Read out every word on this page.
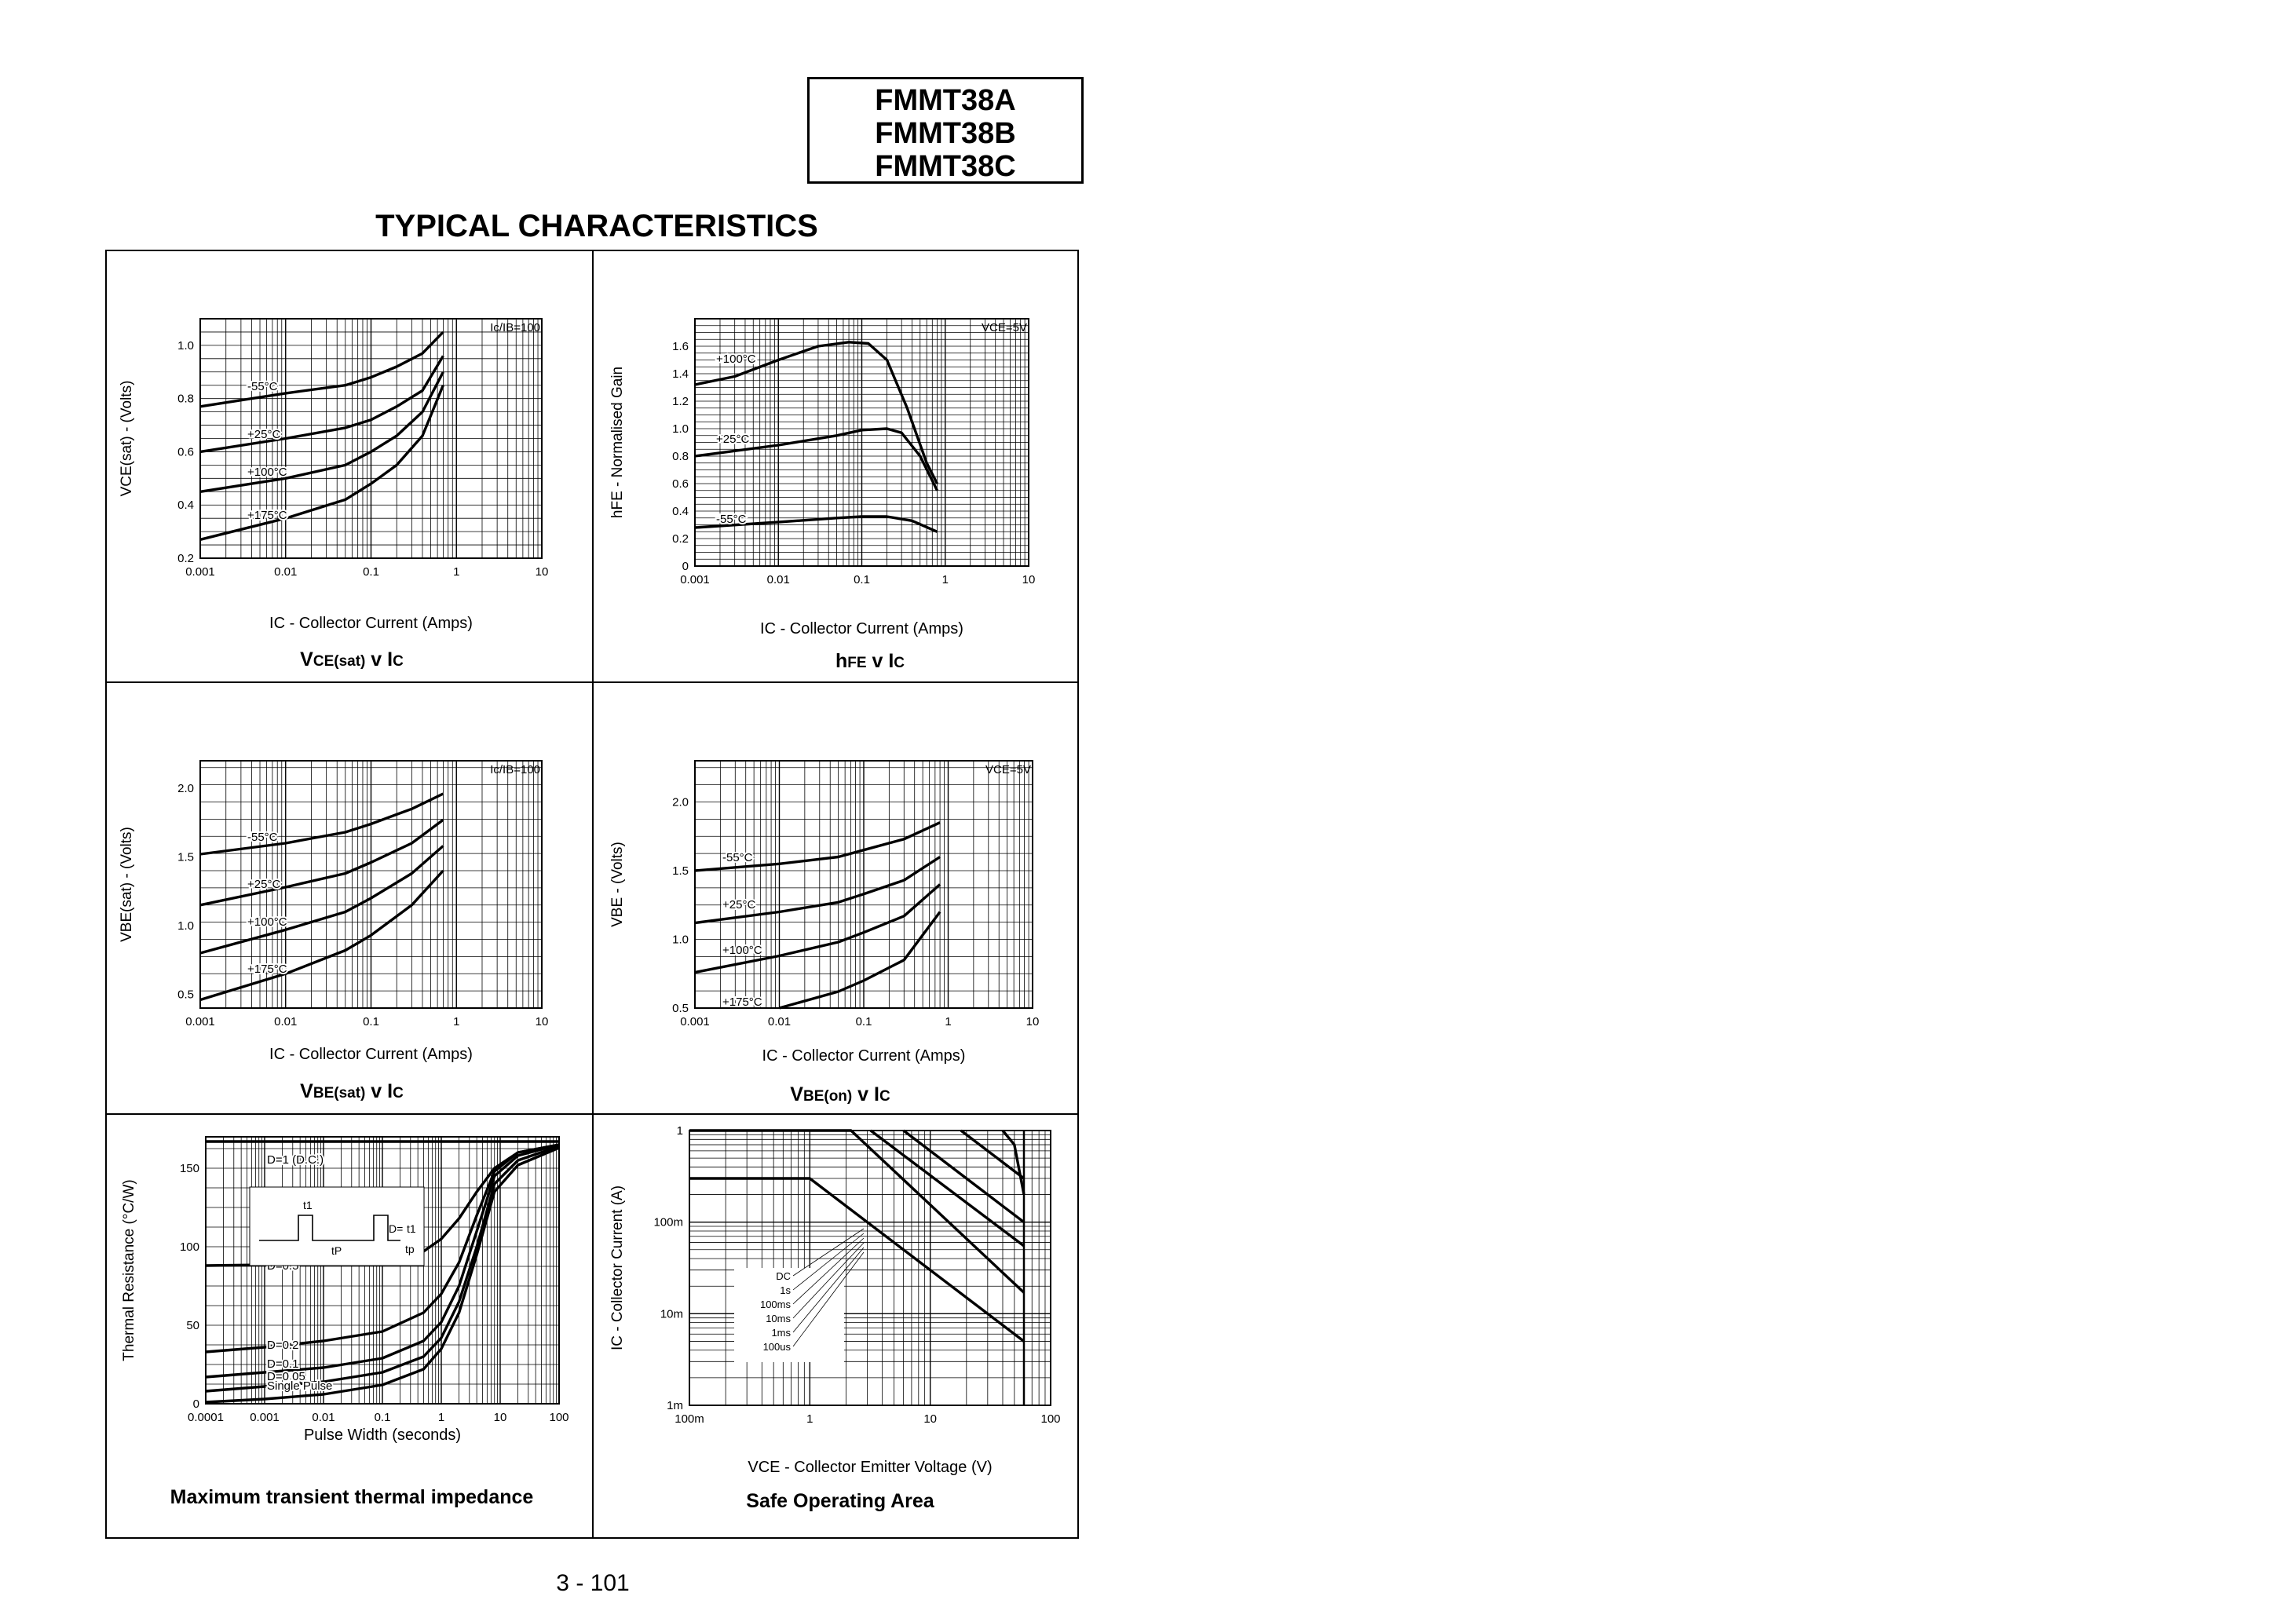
FMMT38A
FMMT38B
FMMT38C
TYPICAL CHARACTERISTICS
0.001	0.01	0.1	1	10
0.2
0.4
0.6
0.8
1.0
IC - Collector Current (Amps)
VCE(sat) - (Volts)
Ic/IB=100
-55°C
+25°C
+100°C
+175°C
0.001	0.01	0.1	1	10
0
0.2
0.4
0.6
0.8
1.0
1.2
1.4
1.6
IC - Collector Current (Amps)
hFE - Normalised Gain
VCE=5V
+100°C
+25°C
-55°C
0.001	0.01	0.1	1	10
0.5
1.0
1.5
2.0
IC - Collector Current (Amps)
VBE(sat) - (Volts)
Ic/IB=100
-55°C
+25°C
+100°C
+175°C
0.001	0.01	0.1	1	10
0.5
1.0
1.5
2.0
IC - Collector Current (Amps)
VBE - (Volts)
VCE=5V
-55°C
+25°C
+100°C
+175°C
0.0001 0.001	0.01	0.1	1	10	100
0
50
100
150
Pulse Width (seconds)
Thermal Resistance (°C/W)
D=1 (D.C.)
D=0.2
D=0.1
D=0.05
Single Pulse
t1
tP
D= t1
tp
100m	1	10	100
1m
10m
100m
1
VCE - Collector Emitter Voltage (V)
IC - Collector Current (A)	DC
1s
100ms
10ms
1ms
100us
VCE(sat) v IC	hFE v IC
VBE(sat) v IC	VBE(on) v IC
Maximum transient thermal impedance	Safe Operating Area
3 - 101
